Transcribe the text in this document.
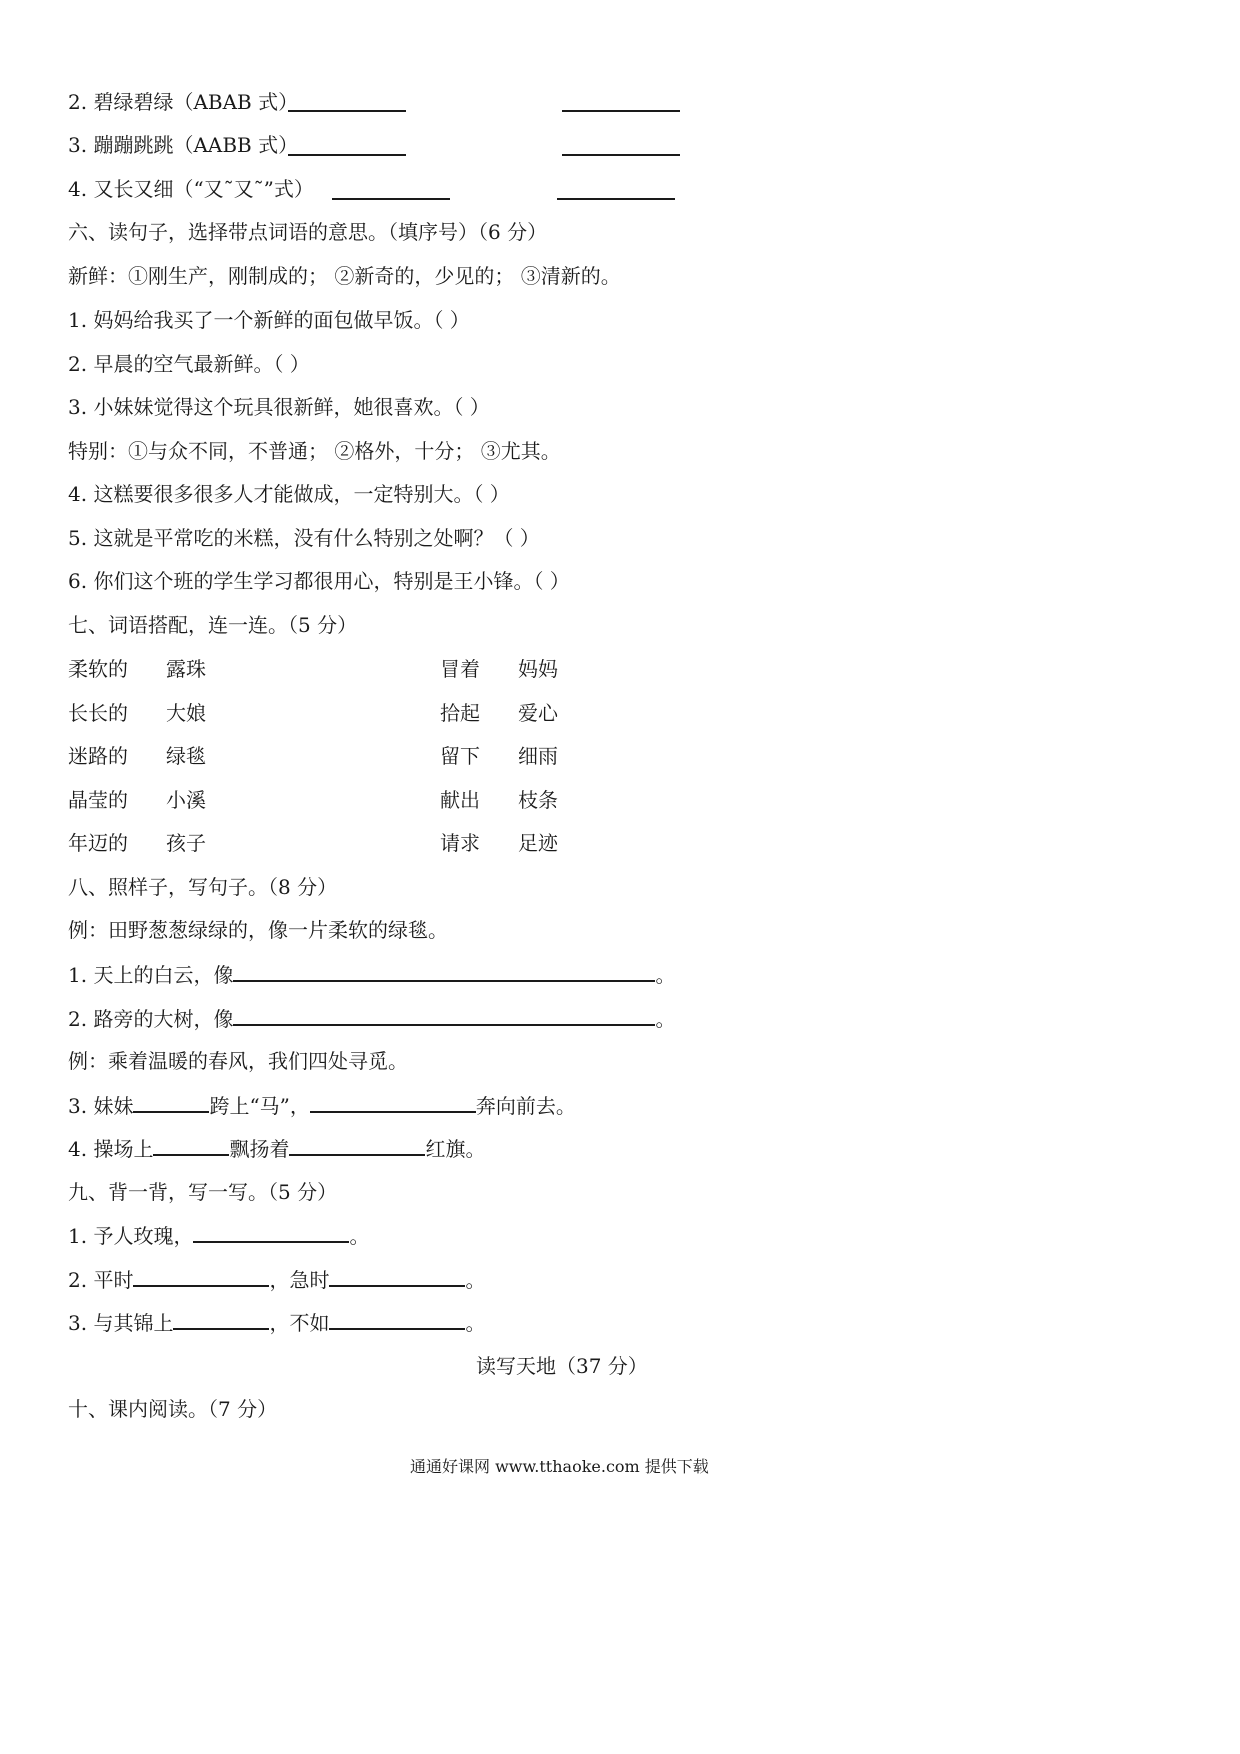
2. 碧绿碧绿（ABAB 式）
3. 蹦蹦跳跳（AABB 式）
4. 又长又细（“又˜又˜”式）
六、读句子，选择带点词语的意思。（填序号）（6 分）
新鲜：①刚生产，刚制成的； ②新奇的，少见的； ③清新的。
1. 妈妈给我买了一个新鲜的面包做早饭。（ ）
2. 早晨的空气最新鲜。（ ）
3. 小妹妹觉得这个玩具很新鲜，她很喜欢。（ ）
特别：①与众不同，不普通； ②格外，十分； ③尤其。
4. 这糕要很多很多人才能做成，一定特别大。（ ）
5. 这就是平常吃的米糕，没有什么特别之处啊？（ ）
6. 你们这个班的学生学习都很用心，特别是王小锋。（ ）
七、词语搭配，连一连。（5 分）
柔软的 露珠	冒着 妈妈
长长的 大娘	拾起 爱心
迷路的 绿毯	留下 细雨
晶莹的 小溪	献出 枝条
年迈的 孩子	请求 足迹
八、照样子，写句子。（8 分）
例：田野葱葱绿绿的，像一片柔软的绿毯。
1. 天上的白云，像	。
2. 路旁的大树，像	。
例：乘着温暖的春风，我们四处寻觅。
3. 妹妹	跨上“马”，	奔向前去。
4. 操场上	飘扬着	红旗。
九、背一背，写一写。（5 分）
1. 予人玫瑰，	。
2. 平时	，急时	。
3. 与其锦上	，不如	。
读写天地（37 分）
十、课内阅读。（7 分）
通通好课网 www.tthaoke.com 提供下载
